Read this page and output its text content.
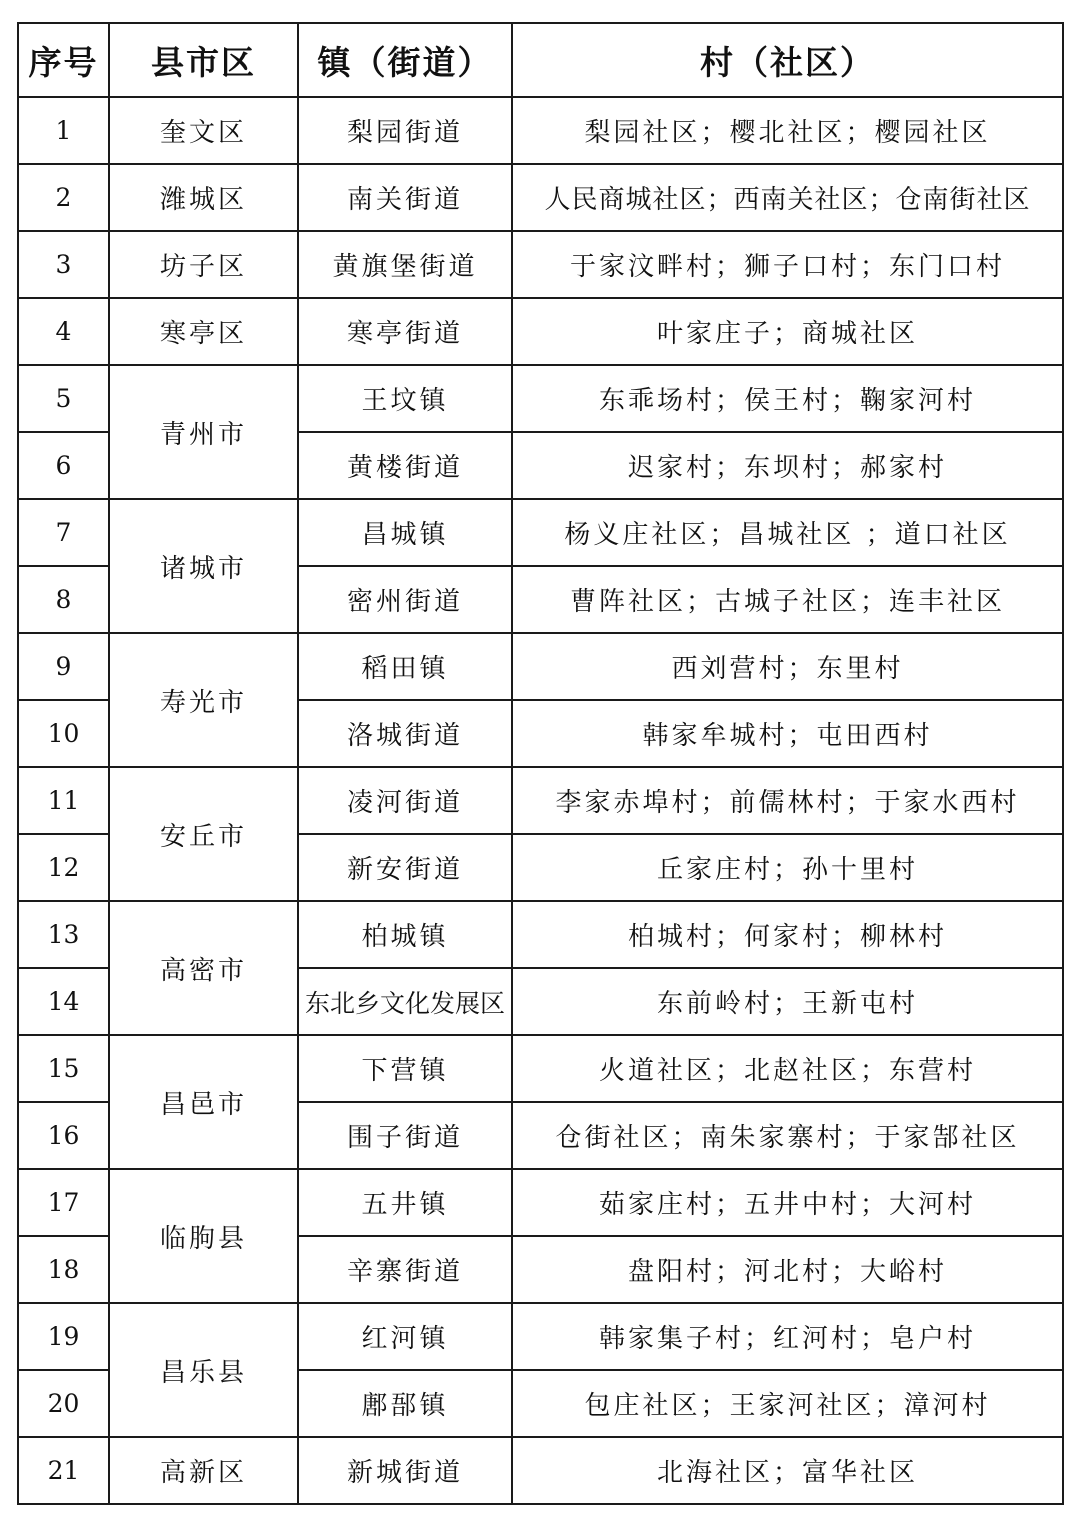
序号	县市区	镇（街道）	村（社区）
1	奎文区	梨园街道	梨园社区；樱北社区；樱园社区
2	潍城区	南关街道	人民商城社区；西南关社区；仓南街社区
3	坊子区	黄旗堡街道	于家汶畔村；狮子口村；东门口村
4	寒亭区	寒亭街道	叶家庄子；商城社区
5	青州市	王坟镇	东乖场村；侯王村；鞠家河村
6		黄楼街道	迟家村；东坝村；郝家村
7	诸城市	昌城镇	杨义庄社区；昌城社区 ；道口社区
8		密州街道	曹阵社区；古城子社区；连丰社区
9	寿光市	稻田镇	西刘营村；东里村
10		洛城街道	韩家牟城村；屯田西村
11	安丘市	凌河街道	李家赤埠村；前儒林村；于家水西村
12		新安街道	丘家庄村；孙十里村
13	高密市	柏城镇	柏城村；何家村；柳林村
14		东北乡文化发展区	东前岭村；王新屯村
15	昌邑市	下营镇	火道社区；北赵社区；东营村
16		围子街道	仓街社区；南朱家寨村；于家郜社区
17	临朐县	五井镇	茹家庄村；五井中村；大河村
18		辛寨街道	盘阳村；河北村；大峪村
19	昌乐县	红河镇	韩家集子村；红河村；皂户村
20		鄌郚镇	包庄社区；王家河社区；漳河村
21	高新区	新城街道	北海社区；富华社区
